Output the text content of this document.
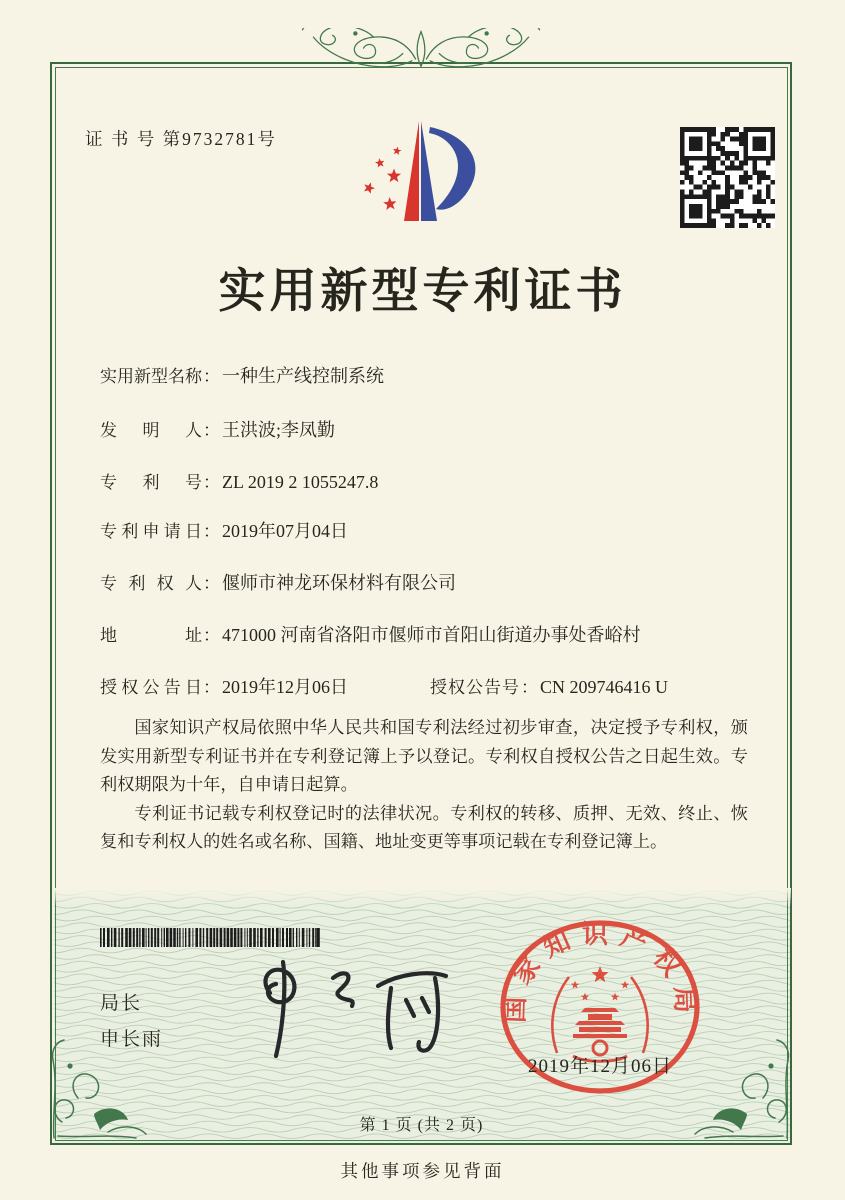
证 书 号 第9732781号
实用新型专利证书
实用新型名称： 一种生产线控制系统
发明人： 王洪波;李凤勤
专利号： ZL 2019 2 1055247.8
专利申请日： 2019年07月04日
专利权人： 偃师市神龙环保材料有限公司
地址： 471000 河南省洛阳市偃师市首阳山街道办事处香峪村
授权公告日： 2019年12月06日	授权公告号： CN 209746416 U

国家知识产权局依照中华人民共和国专利法经过初步审查，决定授予专利权，颁发实用新型专利证书并在专利登记簿上予以登记。专利权自授权公告之日起生效。专利权期限为十年，自申请日起算。

专利证书记载专利权登记时的法律状况。专利权的转移、质押、无效、终止、恢复和专利权人的姓名或名称、国籍、地址变更等事项记载在专利登记簿上。

局长
申长雨
国家知识产权局
2019年12月06日
第 1 页 (共 2 页)
其他事项参见背面
